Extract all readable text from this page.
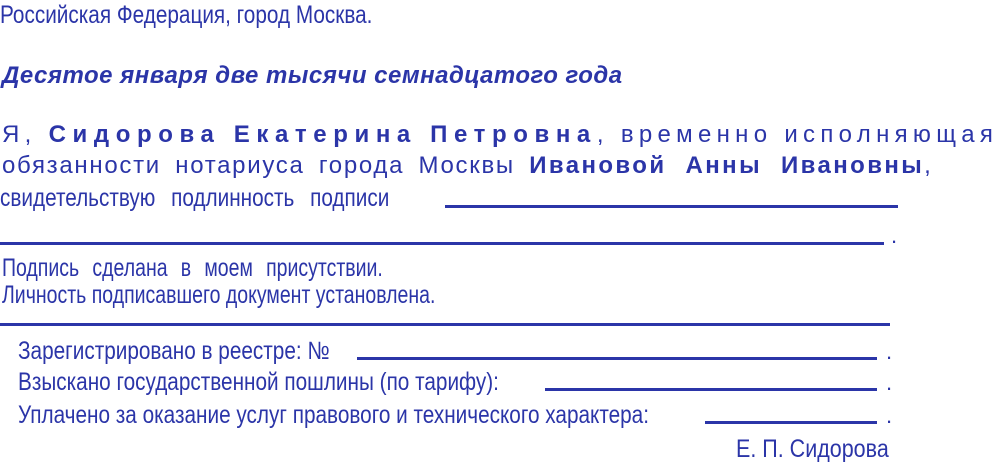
Российская Федерация, город Москва.
Десятое января две тысячи семнадцатого года
Я, Сидорова Екатерина Петровна, временно исполняющая
обязанности нотариуса города Москвы Ивановой Анны Ивановны,
свидетельствую подлинность подписи
.
Подпись сделана в моем присутствии.
Личность подписавшего документ установлена.
Зарегистрировано в реестре: №	.
Взыскано государственной пошлины (по тарифу):	.
Уплачено за оказание услуг правового и технического характера:	.
Е. П. Сидорова
